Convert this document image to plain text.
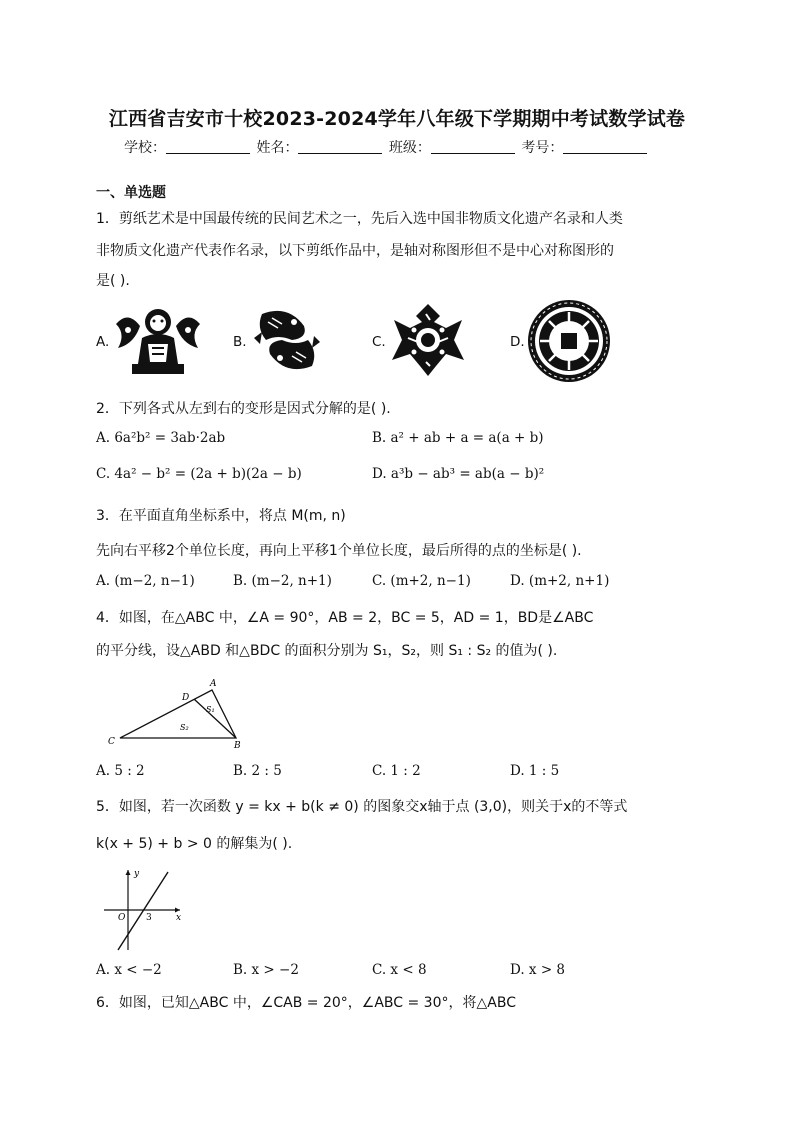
江西省吉安市十校2023-2024学年八年级下学期期中考试数学试卷
学校：	姓名：	班级：	考号：
一、单选题
1．剪纸艺术是中国最传统的民间艺术之一，先后入选中国非物质文化遗产名录和人类
非物质文化遗产代表作名录，以下剪纸作品中，是轴对称图形但不是中心对称图形的
是( ).
A.	B.	C.	D.
2．下列各式从左到右的变形是因式分解的是( ).
A. 6a²b² = 3ab·2ab	B. a² + ab + a = a(a + b)
C. 4a² − b² = (2a + b)(2a − b)	D. a³b − ab³ = ab(a − b)²
3．在平面直角坐标系中，将点 M(m, n)
先向右平移2个单位长度，再向上平移1个单位长度，最后所得的点的坐标是( ).
A. (m−2, n−1)	B. (m−2, n+1)	C. (m+2, n−1)	D. (m+2, n+1)
4．如图，在△ABC 中，∠A = 90°，AB = 2，BC = 5，AD = 1，BD是∠ABC
的平分线，设△ABD 和△BDC 的面积分别为 S₁，S₂，则 S₁ : S₂ 的值为( ).
A
D
C	B
S₁
S₂
A. 5 : 2	B. 2 : 5	C. 1 : 2	D. 1 : 5
5．如图，若一次函数 y = kx + b(k ≠ 0) 的图象交x轴于点 (3,0)，则关于x的不等式
k(x + 5) + b > 0 的解集为( ).
y
x
O 3
A. x < −2	B. x > −2	C. x < 8	D. x > 8
6．如图，已知△ABC 中，∠CAB = 20°，∠ABC = 30°，将△ABC
